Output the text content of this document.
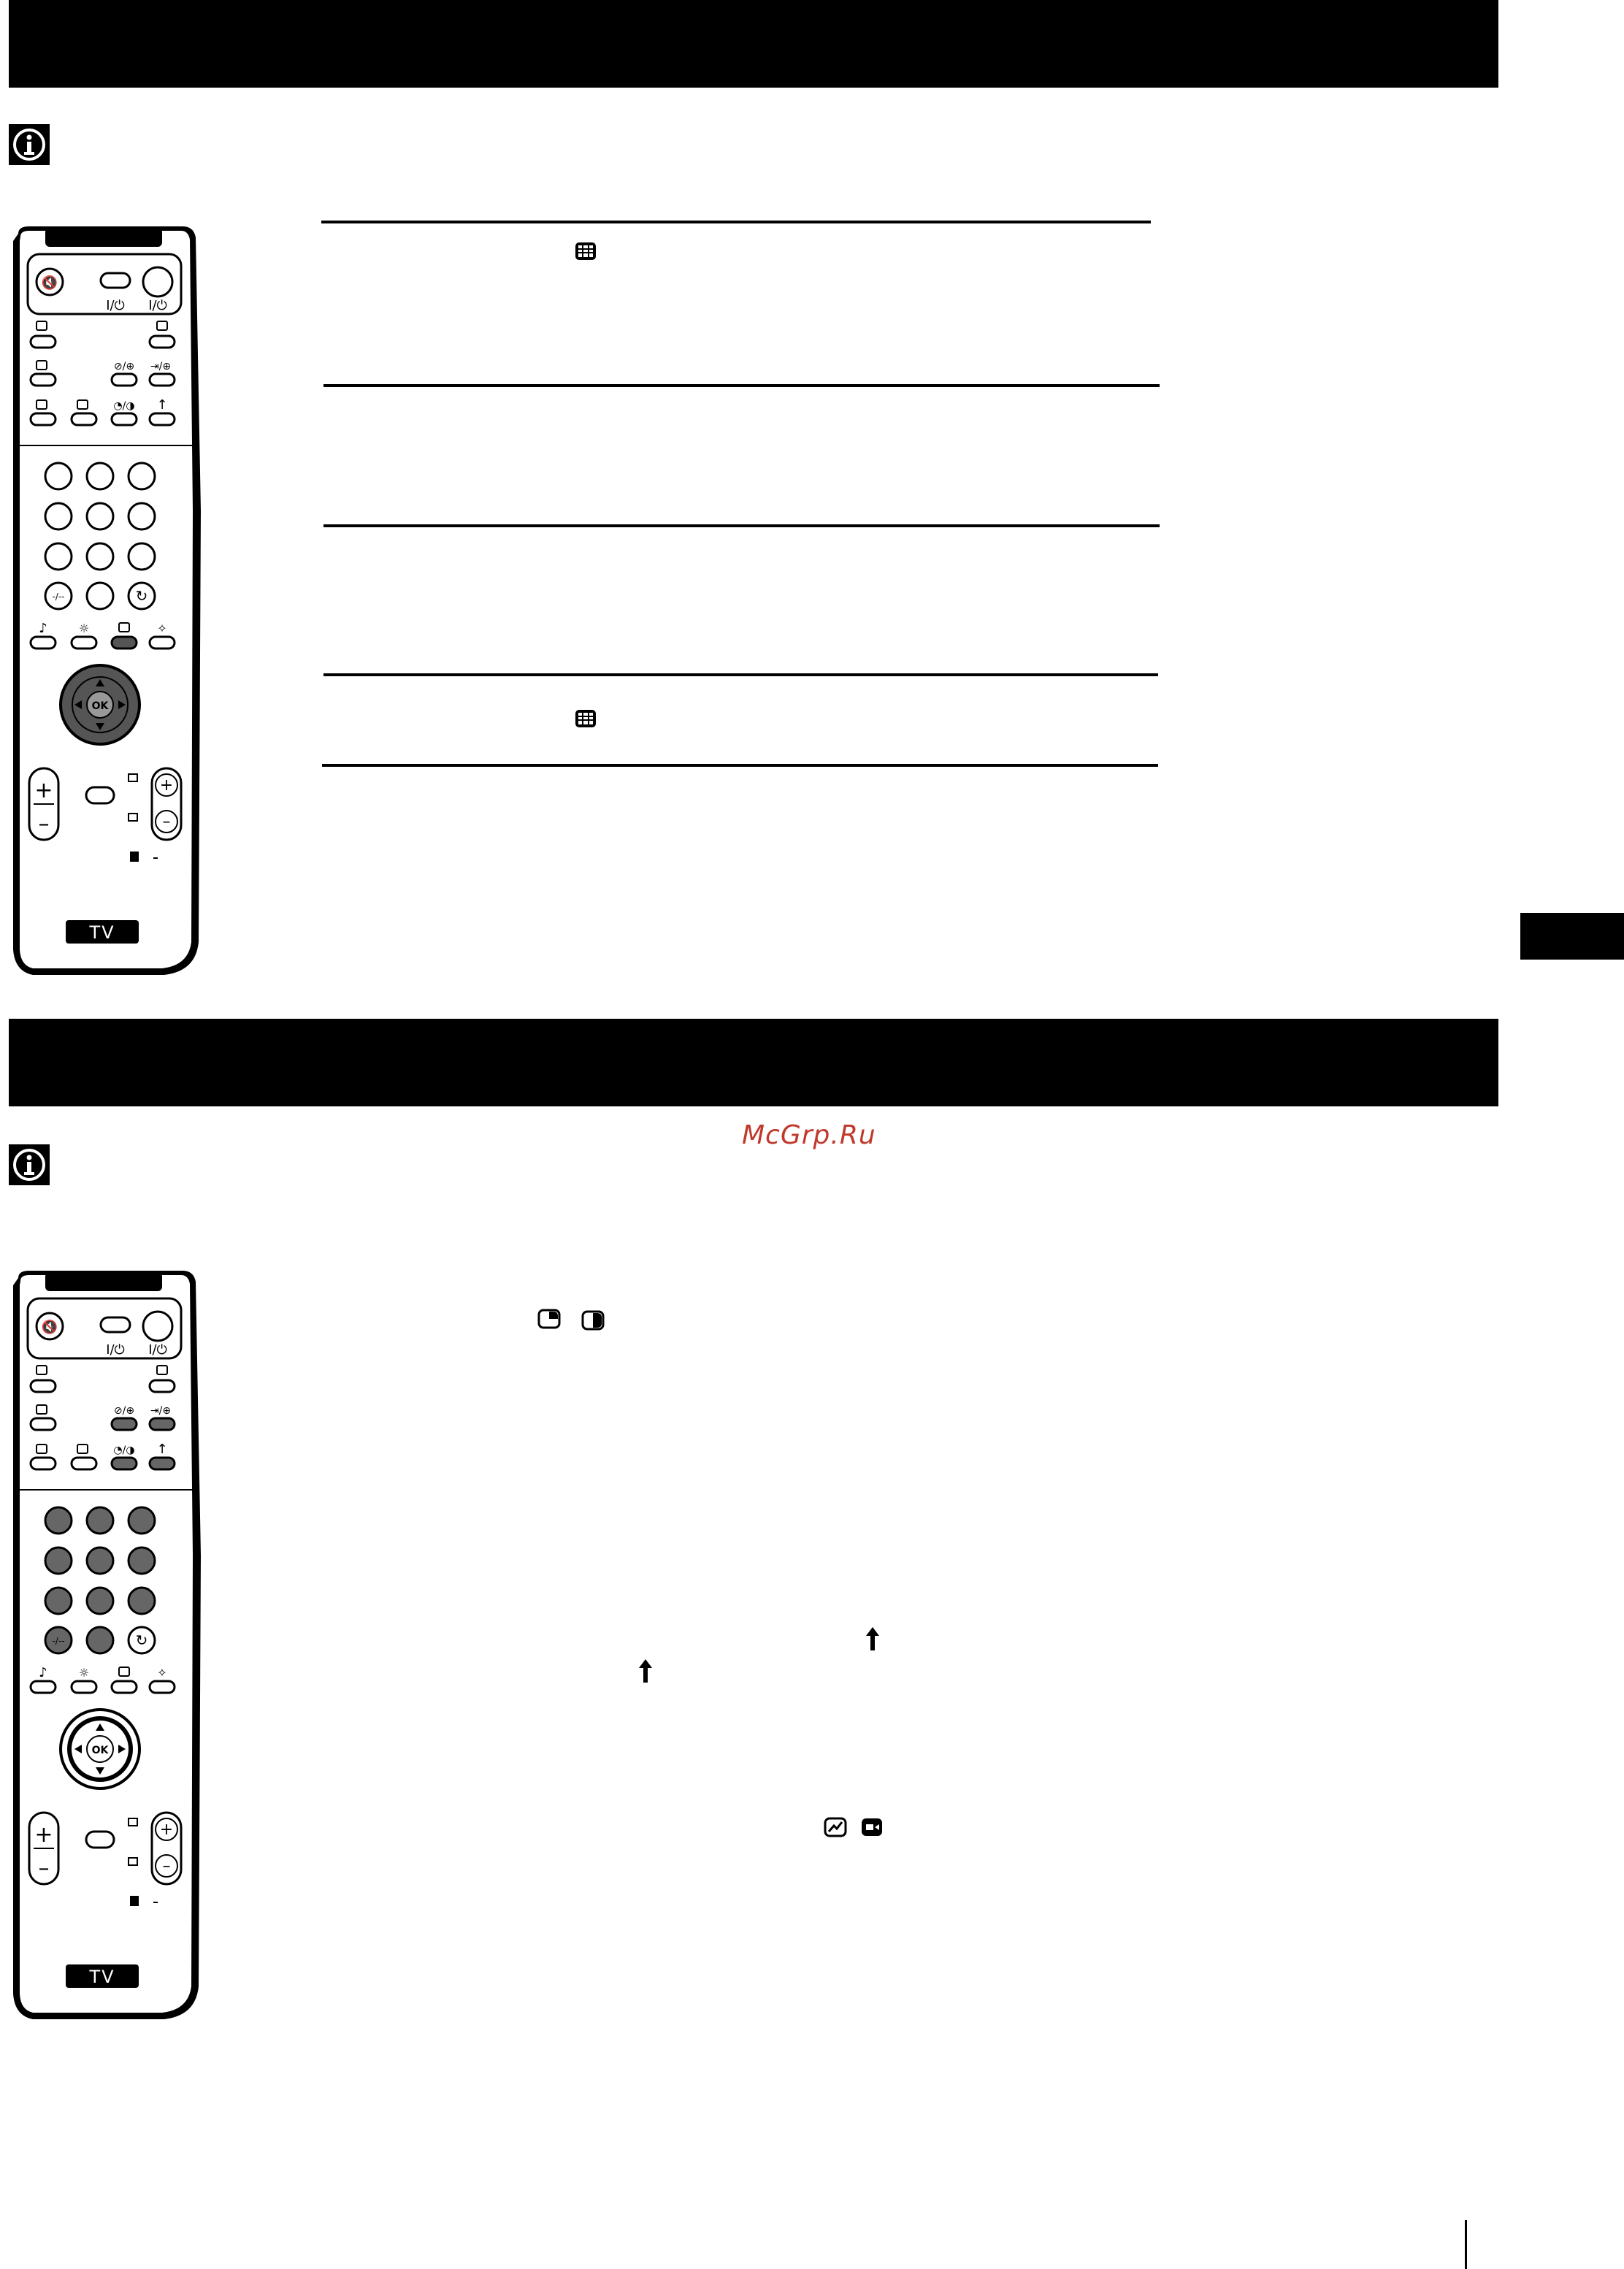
🔇
I/⏻ I/⏻
⊘/⊕ ⇥/⊕
◔/◑ ↑
-/--	↻
♪	☼	✧
OK
+
–
+
–
TV
McGrp.Ru
🔇
I/⏻ I/⏻
⊘/⊕ ⇥/⊕
◔/◑ ↑
-/--	↻
♪	☼	✧
OK
+
–
+
–
TV
